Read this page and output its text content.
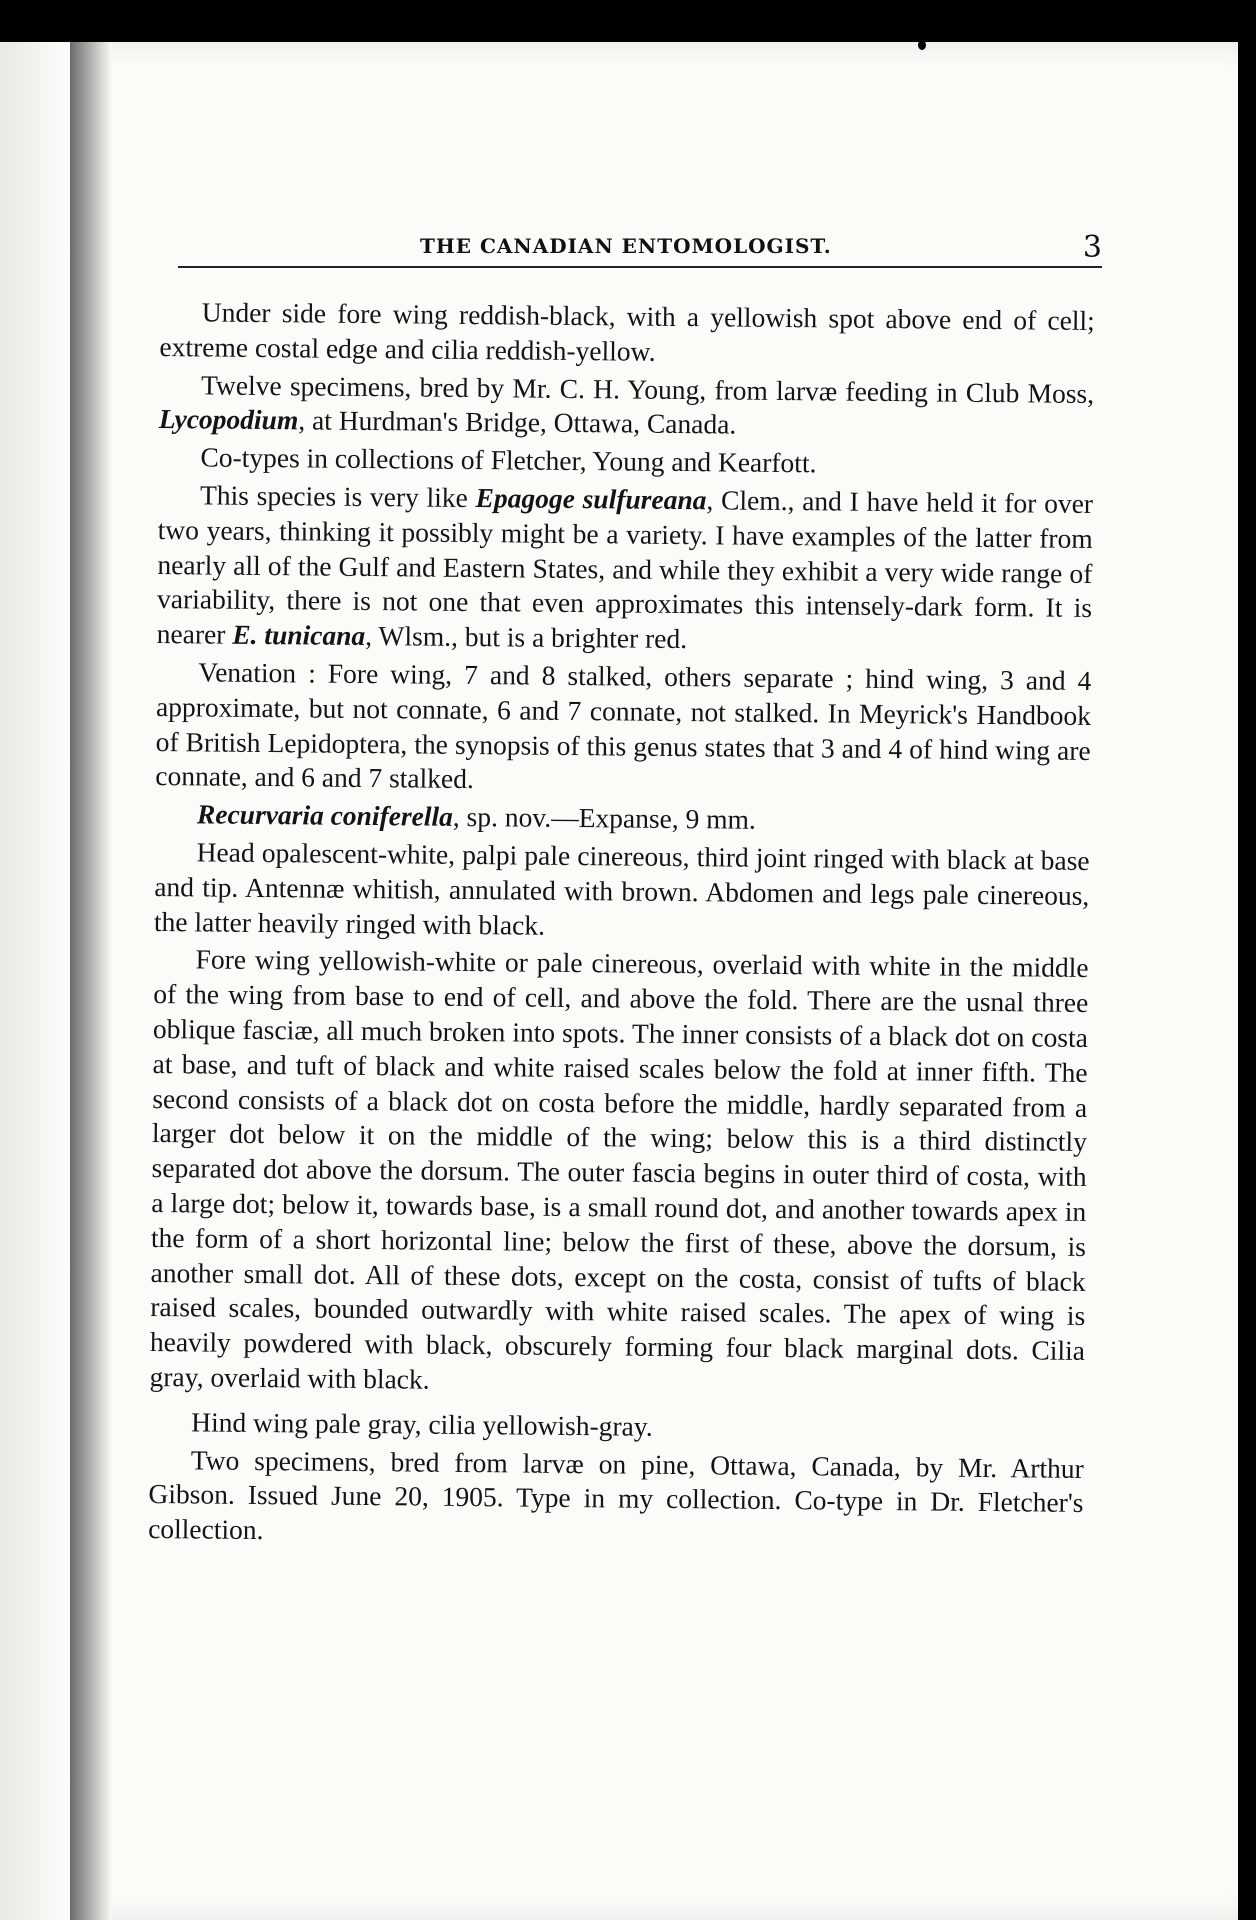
THE CANADIAN ENTOMOLOGIST.	3

Under side fore wing reddish-black, with a yellowish spot above end of cell; extreme costal edge and cilia reddish-yellow.

Twelve specimens, bred by Mr. C. H. Young, from larvæ feeding in Club Moss, Lycopodium, at Hurdman's Bridge, Ottawa, Canada.

Co-types in collections of Fletcher, Young and Kearfott.

This species is very like Epagoge sulfureana, Clem., and I have held it for over two years, thinking it possibly might be a variety. I have examples of the latter from nearly all of the Gulf and Eastern States, and while they exhibit a very wide range of variability, there is not one that even approximates this intensely-dark form. It is nearer E. tunicana, Wlsm., but is a brighter red.

Venation : Fore wing, 7 and 8 stalked, others separate ; hind wing, 3 and 4 approximate, but not connate, 6 and 7 connate, not stalked. In Meyrick's Handbook of British Lepidoptera, the synopsis of this genus states that 3 and 4 of hind wing are connate, and 6 and 7 stalked.

Recurvaria coniferella, sp. nov.—Expanse, 9 mm.

Head opalescent-white, palpi pale cinereous, third joint ringed with black at base and tip. Antennæ whitish, annulated with brown. Abdomen and legs pale cinereous, the latter heavily ringed with black.

Fore wing yellowish-white or pale cinereous, overlaid with white in the middle of the wing from base to end of cell, and above the fold. There are the usnal three oblique fasciæ, all much broken into spots. The inner consists of a black dot on costa at base, and tuft of black and white raised scales below the fold at inner fifth. The second consists of a black dot on costa before the middle, hardly separated from a larger dot below it on the middle of the wing; below this is a third distinctly separated dot above the dorsum. The outer fascia begins in outer third of costa, with a large dot; below it, towards base, is a small round dot, and another towards apex in the form of a short horizontal line; below the first of these, above the dorsum, is another small dot. All of these dots, except on the costa, consist of tufts of black raised scales, bounded outwardly with white raised scales. The apex of wing is heavily powdered with black, obscurely forming four black marginal dots. Cilia gray, overlaid with black.

Hind wing pale gray, cilia yellowish-gray.

Two specimens, bred from larvæ on pine, Ottawa, Canada, by Mr. Arthur Gibson. Issued June 20, 1905. Type in my collection. Co-type in Dr. Fletcher's collection.
